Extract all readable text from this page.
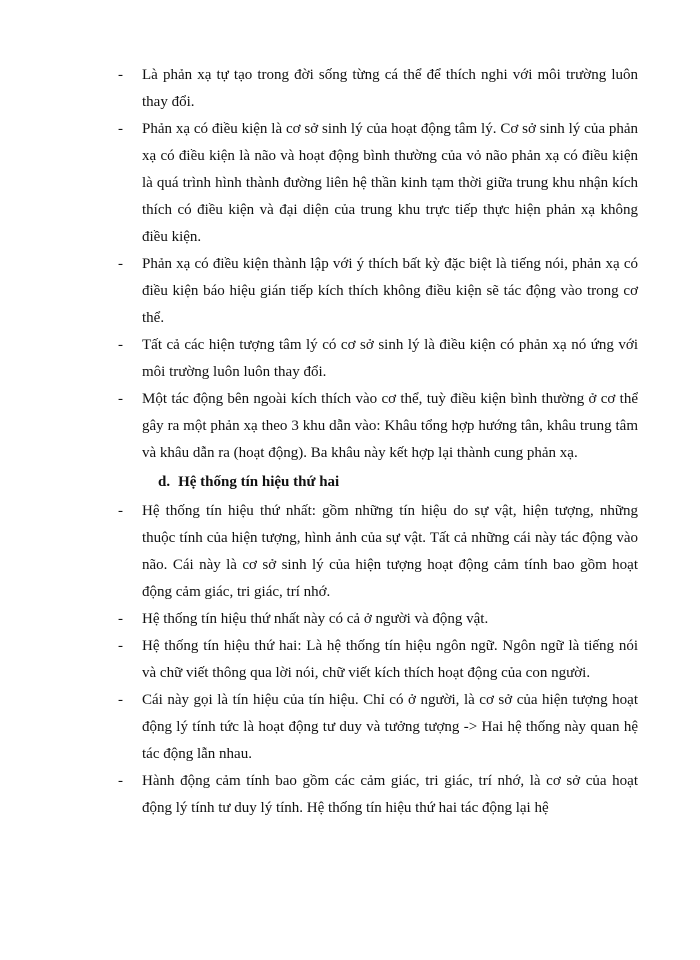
- Là phản xạ tự tạo trong đời sống từng cá thể để thích nghi với môi trường luôn thay đổi.
- Phản xạ có điều kiện là cơ sở sinh lý của hoạt động tâm lý. Cơ sở sinh lý của phản xạ có điều kiện là não và hoạt động bình thường của vỏ não phản xạ có điều kiện là quá trình hình thành đường liên hệ thần kinh tạm thời giữa trung khu nhận kích thích có điều kiện và đại diện của trung khu trực tiếp thực hiện phản xạ không điều kiện.
- Phản xạ có điều kiện thành lập với ý thích bất kỳ đặc biệt là tiếng nói, phản xạ có điều kiện báo hiệu gián tiếp kích thích không điều kiện sẽ tác động vào trong cơ thể.
- Tất cả các hiện tượng tâm lý có cơ sở sinh lý là điều kiện có phản xạ nó ứng với môi trường luôn luôn thay đổi.
- Một tác động bên ngoài kích thích vào cơ thể, tuỳ điều kiện bình thường ở cơ thể gây ra một phản xạ theo 3 khu dẫn vào: Khâu tổng hợp hướng tân, khâu trung tâm và khâu dẫn ra (hoạt động). Ba khâu này kết hợp lại thành cung phản xạ.
d. Hệ thống tín hiệu thứ hai
- Hệ thống tín hiệu thứ nhất: gồm những tín hiệu do sự vật, hiện tượng, những thuộc tính của hiện tượng, hình ảnh của sự vật. Tất cả những cái này tác động vào não. Cái này là cơ sở sinh lý của hiện tượng hoạt động cảm tính bao gồm hoạt động cảm giác, tri giác, trí nhớ.
- Hệ thống tín hiệu thứ nhất này có cả ở người và động vật.
- Hệ thống tín hiệu thứ hai: Là hệ thống tín hiệu ngôn ngữ. Ngôn ngữ là tiếng nói và chữ viết thông qua lời nói, chữ viết kích thích hoạt động của con người.
- Cái này gọi là tín hiệu của tín hiệu. Chỉ có ở người, là cơ sở của hiện tượng hoạt động lý tính tức là hoạt động tư duy và tưởng tượng -> Hai hệ thống này quan hệ tác động lẫn nhau.
- Hành động cảm tính bao gồm các cảm giác, tri giác, trí nhớ, là cơ sở của hoạt động lý tính tư duy lý tính. Hệ thống tín hiệu thứ hai tác động lại hệ
